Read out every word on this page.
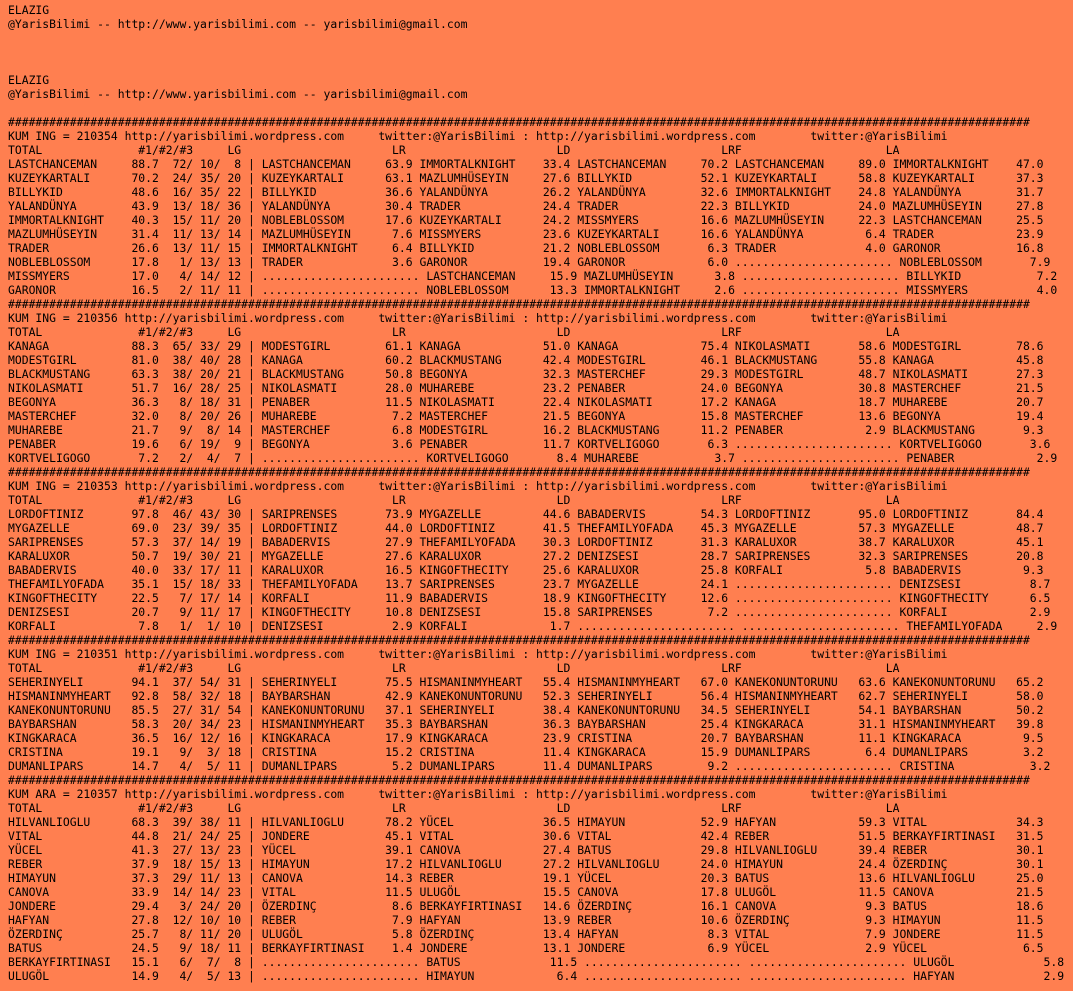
ELAZIG
@YarisBilimi -- http://www.yarisbilimi.com -- yarisbilimi@gmail.com
ELAZIG
@YarisBilimi -- http://www.yarisbilimi.com -- yarisbilimi@gmail.com
#####################################################################################################################################################
KUM ING = 210354 http://yarisbilimi.wordpress.com     twitter:@YarisBilimi : http://yarisbilimi.wordpress.com        twitter:@YarisBilimi
TOTAL              #1/#2/#3     LG                      LR                      LD                      LRF                     LA
LASTCHANCEMAN     88.7  72/ 10/  8 | LASTCHANCEMAN     63.9 IMMORTALKNIGHT    33.4 LASTCHANCEMAN     70.2 LASTCHANCEMAN     89.0 IMMORTALKNIGHT    47.0
KUZEYKARTALI      70.2  24/ 35/ 20 | KUZEYKARTALI      63.1 MAZLUMHÜSEYIN     27.6 BILLYKID          52.1 KUZEYKARTALI      58.8 KUZEYKARTALI      37.3
BILLYKID          48.6  16/ 35/ 22 | BILLYKID          36.6 YALANDÜNYA        26.2 YALANDÜNYA        32.6 IMMORTALKNIGHT    24.8 YALANDÜNYA        31.7
YALANDÜNYA        43.9  13/ 18/ 36 | YALANDÜNYA        30.4 TRADER            24.4 TRADER            22.3 BILLYKID          24.0 MAZLUMHÜSEYIN     27.8
IMMORTALKNIGHT    40.3  15/ 11/ 20 | NOBLEBLOSSOM      17.6 KUZEYKARTALI      24.2 MISSMYERS         16.6 MAZLUMHÜSEYIN     22.3 LASTCHANCEMAN     25.5
MAZLUMHÜSEYIN     31.4  11/ 13/ 14 | MAZLUMHÜSEYIN      7.6 MISSMYERS         23.6 KUZEYKARTALI      16.6 YALANDÜNYA         6.4 TRADER            23.9
TRADER            26.6  13/ 11/ 15 | IMMORTALKNIGHT     6.4 BILLYKID          21.2 NOBLEBLOSSOM       6.3 TRADER             4.0 GARONOR           16.8
NOBLEBLOSSOM      17.8   1/ 13/ 13 | TRADER             3.6 GARONOR           19.4 GARONOR            6.0 ....................... NOBLEBLOSSOM       7.9
MISSMYERS         17.0   4/ 14/ 12 | ....................... LASTCHANCEMAN     15.9 MAZLUMHÜSEYIN      3.8 ....................... BILLYKID           7.2
GARONOR           16.5   2/ 11/ 11 | ....................... NOBLEBLOSSOM      13.3 IMMORTALKNIGHT     2.6 ....................... MISSMYERS          4.0
#####################################################################################################################################################
KUM ING = 210356 http://yarisbilimi.wordpress.com     twitter:@YarisBilimi : http://yarisbilimi.wordpress.com        twitter:@YarisBilimi
TOTAL              #1/#2/#3     LG                      LR                      LD                      LRF                     LA
KANAGA            88.3  65/ 33/ 29 | MODESTGIRL        61.1 KANAGA            51.0 KANAGA            75.4 NIKOLASMATI       58.6 MODESTGIRL        78.6
MODESTGIRL        81.0  38/ 40/ 28 | KANAGA            60.2 BLACKMUSTANG      42.4 MODESTGIRL        46.1 BLACKMUSTANG      55.8 KANAGA            45.8
BLACKMUSTANG      63.3  38/ 20/ 21 | BLACKMUSTANG      50.8 BEGONYA           32.3 MASTERCHEF        29.3 MODESTGIRL        48.7 NIKOLASMATI       27.3
NIKOLASMATI       51.7  16/ 28/ 25 | NIKOLASMATI       28.0 MUHAREBE          23.2 PENABER           24.0 BEGONYA           30.8 MASTERCHEF        21.5
BEGONYA           36.3   8/ 18/ 31 | PENABER           11.5 NIKOLASMATI       22.4 NIKOLASMATI       17.2 KANAGA            18.7 MUHAREBE          20.7
MASTERCHEF        32.0   8/ 20/ 26 | MUHAREBE           7.2 MASTERCHEF        21.5 BEGONYA           15.8 MASTERCHEF        13.6 BEGONYA           19.4
MUHAREBE          21.7   9/  8/ 14 | MASTERCHEF         6.8 MODESTGIRL        16.2 BLACKMUSTANG      11.2 PENABER            2.9 BLACKMUSTANG       9.3
PENABER           19.6   6/ 19/  9 | BEGONYA            3.6 PENABER           11.7 KORTVELIGOGO       6.3 ....................... KORTVELIGOGO       3.6
KORTVELIGOGO       7.2   2/  4/  7 | ....................... KORTVELIGOGO       8.4 MUHAREBE           3.7 ....................... PENABER            2.9
#####################################################################################################################################################
KUM ING = 210353 http://yarisbilimi.wordpress.com     twitter:@YarisBilimi : http://yarisbilimi.wordpress.com        twitter:@YarisBilimi
TOTAL              #1/#2/#3     LG                      LR                      LD                      LRF                     LA
LORDOFTINIZ       97.8  46/ 43/ 30 | SARIPRENSES       73.9 MYGAZELLE         44.6 BABADERVIS        54.3 LORDOFTINIZ       95.0 LORDOFTINIZ       84.4
MYGAZELLE         69.0  23/ 39/ 35 | LORDOFTINIZ       44.0 LORDOFTINIZ       41.5 THEFAMILYOFADA    45.3 MYGAZELLE         57.3 MYGAZELLE         48.7
SARIPRENSES       57.3  37/ 14/ 19 | BABADERVIS        27.9 THEFAMILYOFADA    30.3 LORDOFTINIZ       31.3 KARALUXOR         38.7 KARALUXOR         45.1
KARALUXOR         50.7  19/ 30/ 21 | MYGAZELLE         27.6 KARALUXOR         27.2 DENIZSESI         28.7 SARIPRENSES       32.3 SARIPRENSES       20.8
BABADERVIS        40.0  33/ 17/ 11 | KARALUXOR         16.5 KINGOFTHECITY     25.6 KARALUXOR         25.8 KORFALI            5.8 BABADERVIS         9.3
THEFAMILYOFADA    35.1  15/ 18/ 33 | THEFAMILYOFADA    13.7 SARIPRENSES       23.7 MYGAZELLE         24.1 ....................... DENIZSESI          8.7
KINGOFTHECITY     22.5   7/ 17/ 14 | KORFALI           11.9 BABADERVIS        18.9 KINGOFTHECITY     12.6 ....................... KINGOFTHECITY      6.5
DENIZSESI         20.7   9/ 11/ 17 | KINGOFTHECITY     10.8 DENIZSESI         15.8 SARIPRENSES        7.2 ....................... KORFALI            2.9
KORFALI            7.8   1/  1/ 10 | DENIZSESI          2.9 KORFALI            1.7 ....................... ....................... THEFAMILYOFADA     2.9
#####################################################################################################################################################
KUM ING = 210351 http://yarisbilimi.wordpress.com     twitter:@YarisBilimi : http://yarisbilimi.wordpress.com        twitter:@YarisBilimi
TOTAL              #1/#2/#3     LG                      LR                      LD                      LRF                     LA
SEHERINYELI       94.1  37/ 54/ 31 | SEHERINYELI       75.5 HISMANINMYHEART   55.4 HISMANINMYHEART   67.0 KANEKONUNTORUNU   63.6 KANEKONUNTORUNU   65.2
HISMANINMYHEART   92.8  58/ 32/ 18 | BAYBARSHAN        42.9 KANEKONUNTORUNU   52.3 SEHERINYELI       56.4 HISMANINMYHEART   62.7 SEHERINYELI       58.0
KANEKONUNTORUNU   85.5  27/ 31/ 54 | KANEKONUNTORUNU   37.1 SEHERINYELI       38.4 KANEKONUNTORUNU   34.5 SEHERINYELI       54.1 BAYBARSHAN        50.2
BAYBARSHAN        58.3  20/ 34/ 23 | HISMANINMYHEART   35.3 BAYBARSHAN        36.3 BAYBARSHAN        25.4 KINGKARACA        31.1 HISMANINMYHEART   39.8
KINGKARACA        36.5  16/ 12/ 16 | KINGKARACA        17.9 KINGKARACA        23.9 CRISTINA          20.7 BAYBARSHAN        11.1 KINGKARACA         9.5
CRISTINA          19.1   9/  3/ 18 | CRISTINA          15.2 CRISTINA          11.4 KINGKARACA        15.9 DUMANLIPARS        6.4 DUMANLIPARS        3.2
DUMANLIPARS       14.7   4/  5/ 11 | DUMANLIPARS        5.2 DUMANLIPARS       11.4 DUMANLIPARS        9.2 ....................... CRISTINA           3.2
#####################################################################################################################################################
KUM ARA = 210357 http://yarisbilimi.wordpress.com     twitter:@YarisBilimi : http://yarisbilimi.wordpress.com        twitter:@YarisBilimi
TOTAL              #1/#2/#3     LG                      LR                      LD                      LRF                     LA
HILVANLIOGLU      68.3  39/ 38/ 11 | HILVANLIOGLU      78.2 YÜCEL             36.5 HIMAYUN           52.9 HAFYAN            59.3 VITAL             34.3
VITAL             44.8  21/ 24/ 25 | JONDERE           45.1 VITAL             30.6 VITAL             42.4 REBER             51.5 BERKAYFIRTINASI   31.5
YÜCEL             41.3  27/ 13/ 23 | YÜCEL             39.1 CANOVA            27.4 BATUS             29.8 HILVANLIOGLU      39.4 REBER             30.1
REBER             37.9  18/ 15/ 13 | HIMAYUN           17.2 HILVANLIOGLU      27.2 HILVANLIOGLU      24.0 HIMAYUN           24.4 ÖZERDINÇ          30.1
HIMAYUN           37.3  29/ 11/ 13 | CANOVA            14.3 REBER             19.1 YÜCEL             20.3 BATUS             13.6 HILVANLIOGLU      25.0
CANOVA            33.9  14/ 14/ 23 | VITAL             11.5 ULUGÖL            15.5 CANOVA            17.8 ULUGÖL            11.5 CANOVA            21.5
JONDERE           29.4   3/ 24/ 20 | ÖZERDINÇ           8.6 BERKAYFIRTINASI   14.6 ÖZERDINÇ          16.1 CANOVA             9.3 BATUS             18.6
HAFYAN            27.8  12/ 10/ 10 | REBER              7.9 HAFYAN            13.9 REBER             10.6 ÖZERDINÇ           9.3 HIMAYUN           11.5
ÖZERDINÇ          25.7   8/ 11/ 20 | ULUGÖL             5.8 ÖZERDINÇ          13.4 HAFYAN             8.3 VITAL              7.9 JONDERE           11.5
BATUS             24.5   9/ 18/ 11 | BERKAYFIRTINASI    1.4 JONDERE           13.1 JONDERE            6.9 YÜCEL              2.9 YÜCEL              6.5
BERKAYFIRTINASI   15.1   6/  7/  8 | ....................... BATUS             11.5 ....................... ....................... ULUGÖL             5.8
ULUGÖL            14.9   4/  5/ 13 | ....................... HIMAYUN            6.4 ....................... ....................... HAFYAN             2.9
